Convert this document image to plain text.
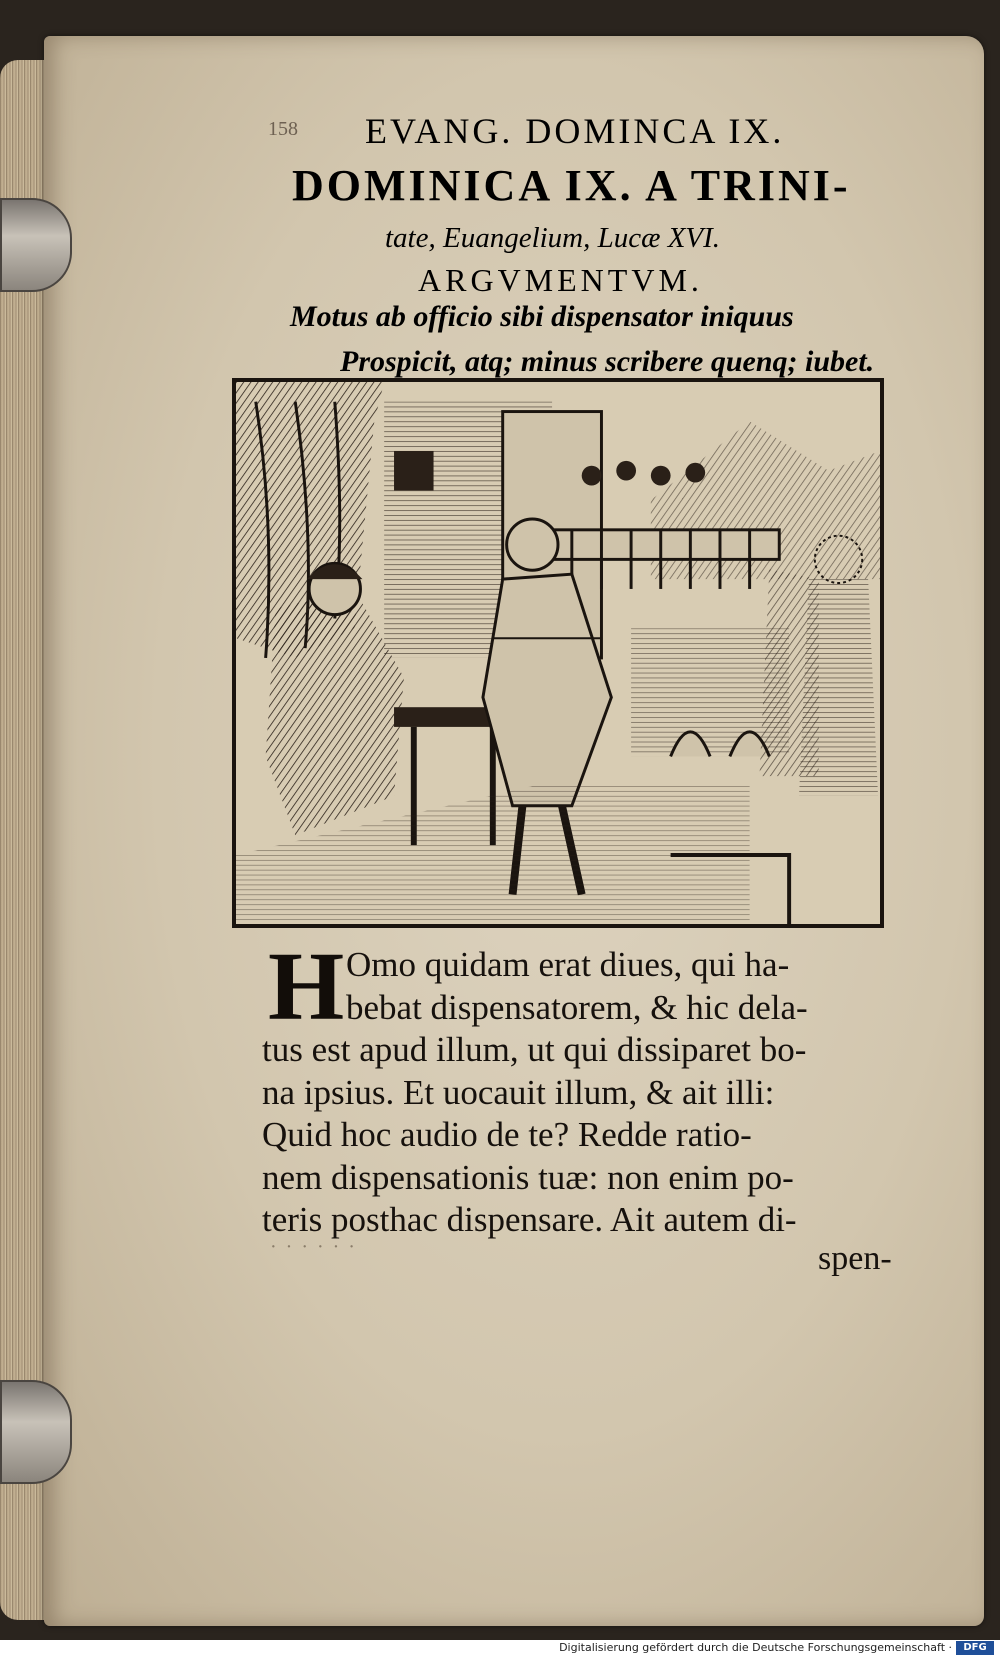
158 EVANG. DOMINCA IX.
DOMINICA IX. A TRINI-
tate, Euangelium, Lucæ XVI.
ARGVMENTVM.
Motus ab officio sibi dispensator iniquus
Prospicit, atq; minus scribere quenq; iubet.
H Omo quidam erat diues, qui ha-
bebat dispensatorem, & hic dela-
tus est apud illum, ut qui dissiparet bo-
na ipsius. Et uocauit illum, & ait illi:
Quid hoc audio de te? Redde ratio-
nem dispensationis tuæ: non enim po-
teris posthac dispensare. Ait autem di-
· · · · · ·	spen-
Digitalisierung gefördert durch die Deutsche Forschungsgemeinschaft ·	DFG
